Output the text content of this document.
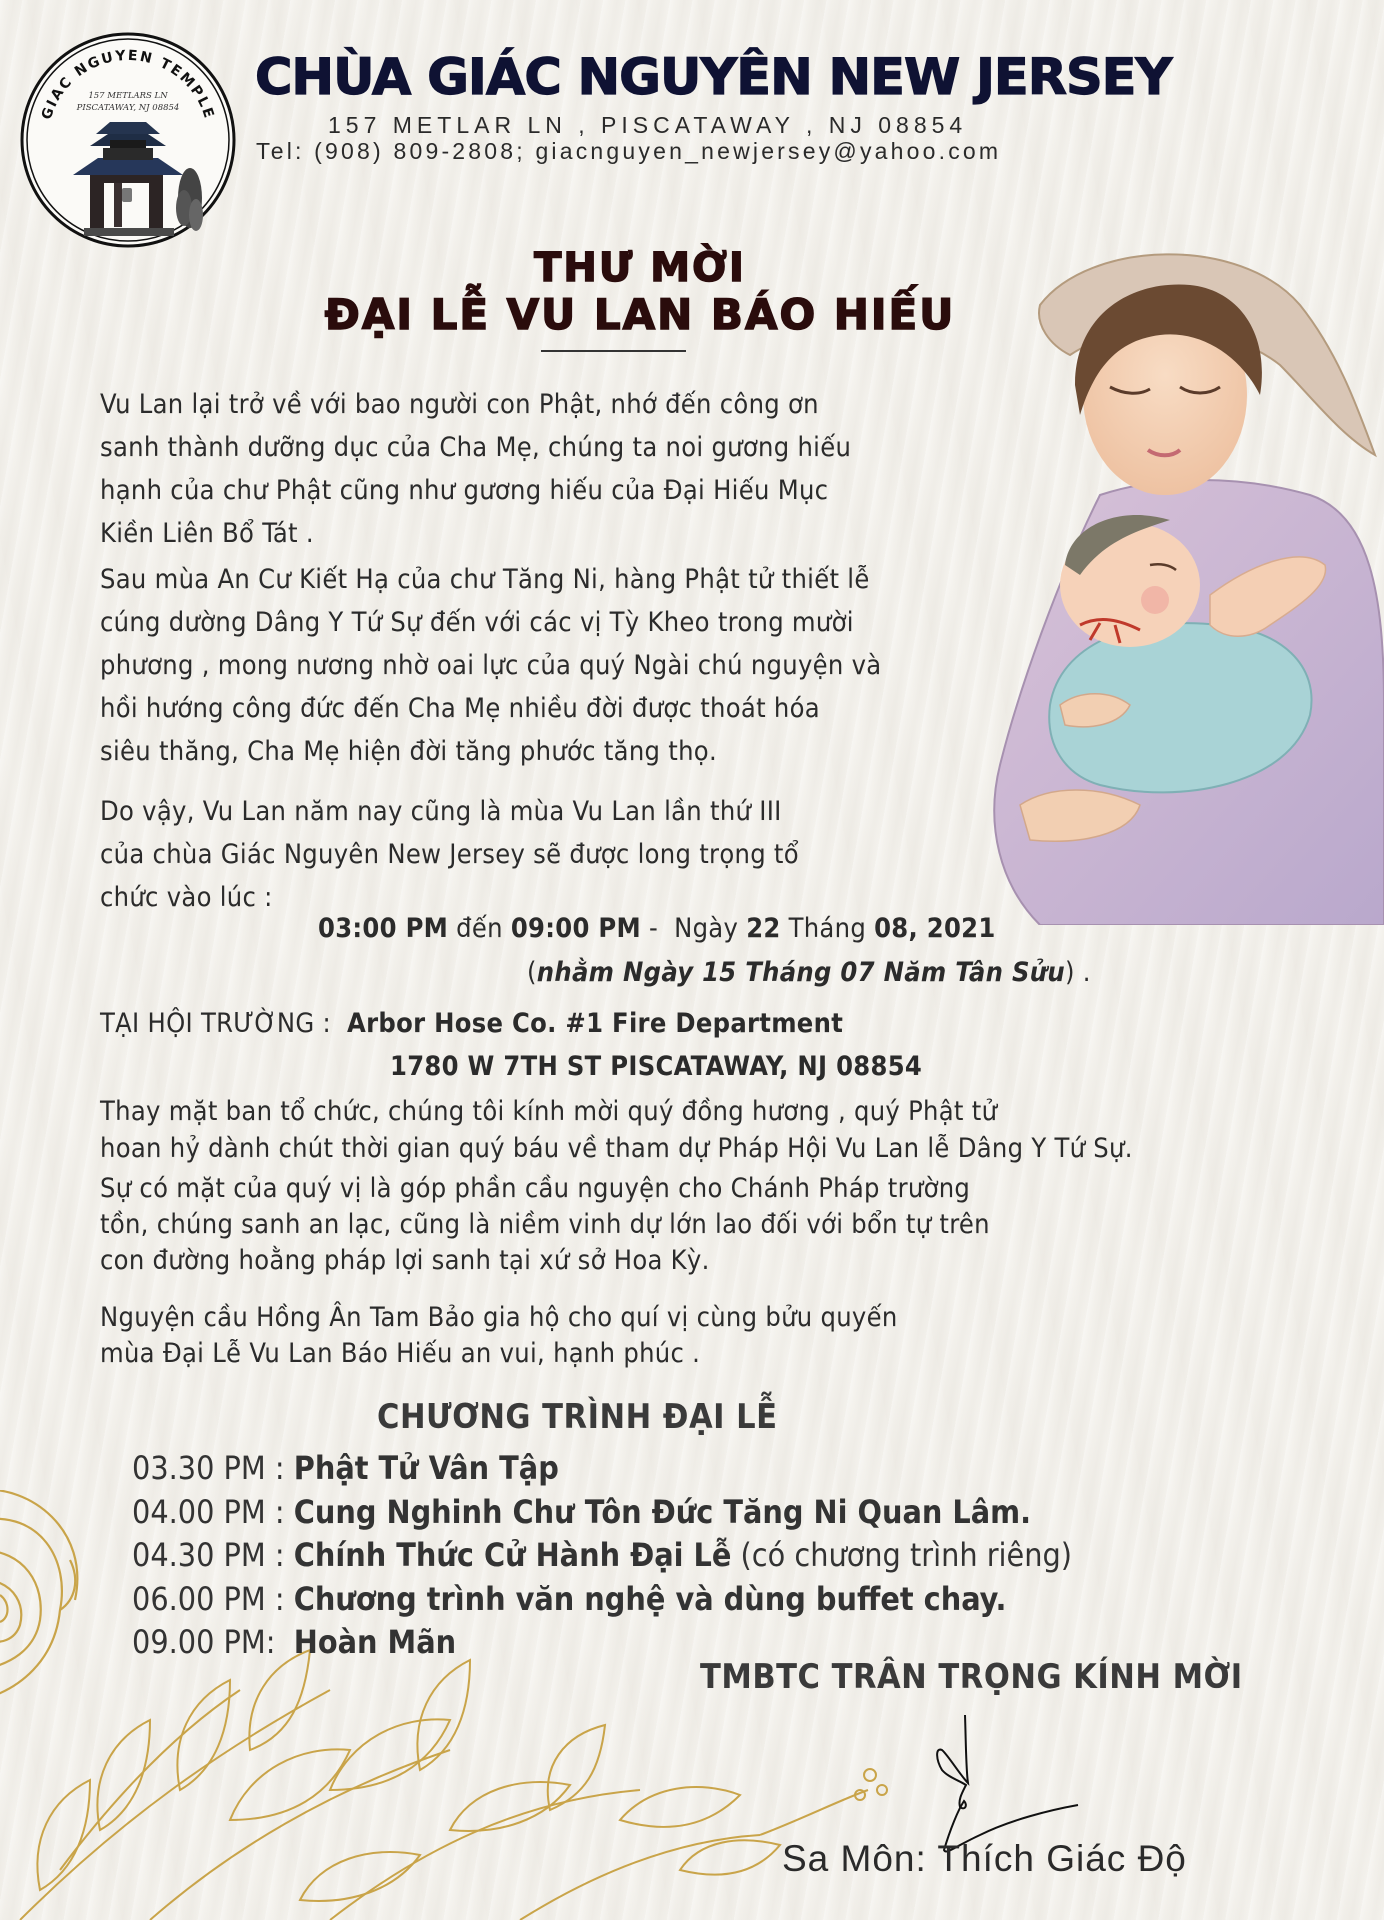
GIAC NGUYEN TEMPLE
157 METLARS LN
PISCATAWAY, NJ 08854
CHÙA GIÁC NGUYÊN NEW JERSEY
157 METLAR LN , PISCATAWAY , NJ 08854
Tel: (908) 809-2808; giacnguyen_newjersey@yahoo.com
THƯ MỜI
ĐẠI LỄ VU LAN BÁO HIẾU
Vu Lan lại trở về với bao người con Phật, nhớ đến công ơn
sanh thành dưỡng dục của Cha Mẹ, chúng ta noi gương hiếu
hạnh của chư Phật cũng như gương hiếu của Đại Hiếu Mục
Kiền Liên Bổ Tát .
Sau mùa An Cư Kiết Hạ của chư Tăng Ni, hàng Phật tử thiết lễ
cúng dường Dâng Y Tứ Sự đến với các vị Tỳ Kheo trong mười
phương , mong nương nhờ oai lực của quý Ngài chú nguyện và
hồi hướng công đức đến Cha Mẹ nhiều đời được thoát hóa
siêu thăng, Cha Mẹ hiện đời tăng phước tăng thọ.
Do vậy, Vu Lan năm nay cũng là mùa Vu Lan lần thứ III
của chùa Giác Nguyên New Jersey sẽ được long trọng tổ
chức vào lúc :
03:00 PM đến 09:00 PM -  Ngày 22 Tháng 08, 2021
(nhằm Ngày 15 Tháng 07 Năm Tân Sửu) .
TẠI HỘI TRƯỜNG :  Arbor Hose Co. #1 Fire Department
1780 W 7TH ST PISCATAWAY, NJ 08854
Thay mặt ban tổ chức, chúng tôi kính mời quý đồng hương , quý Phật tử
hoan hỷ dành chút thời gian quý báu về tham dự Pháp Hội Vu Lan lễ Dâng Y Tứ Sự.
Sự có mặt của quý vị là góp phần cầu nguyện cho Chánh Pháp trường
tồn, chúng sanh an lạc, cũng là niềm vinh dự lớn lao đối với bổn tự trên
con đường hoằng pháp lợi sanh tại xứ sở Hoa Kỳ.
Nguyện cầu Hồng Ân Tam Bảo gia hộ cho quí vị cùng bửu quyến
mùa Đại Lễ Vu Lan Báo Hiếu an vui, hạnh phúc .
CHƯƠNG TRÌNH ĐẠI LỄ
03.30 PM : Phật Tử Vân Tập
04.00 PM : Cung Nghinh Chư Tôn Đức Tăng Ni Quan Lâm.
04.30 PM : Chính Thức Cử Hành Đại Lễ (có chương trình riêng)
06.00 PM : Chương trình văn nghệ và dùng buffet chay.
09.00 PM:  Hoàn Mãn
TMBTC TRÂN TRỌNG KÍNH MỜI
Sa Môn: Thích Giác Độ
